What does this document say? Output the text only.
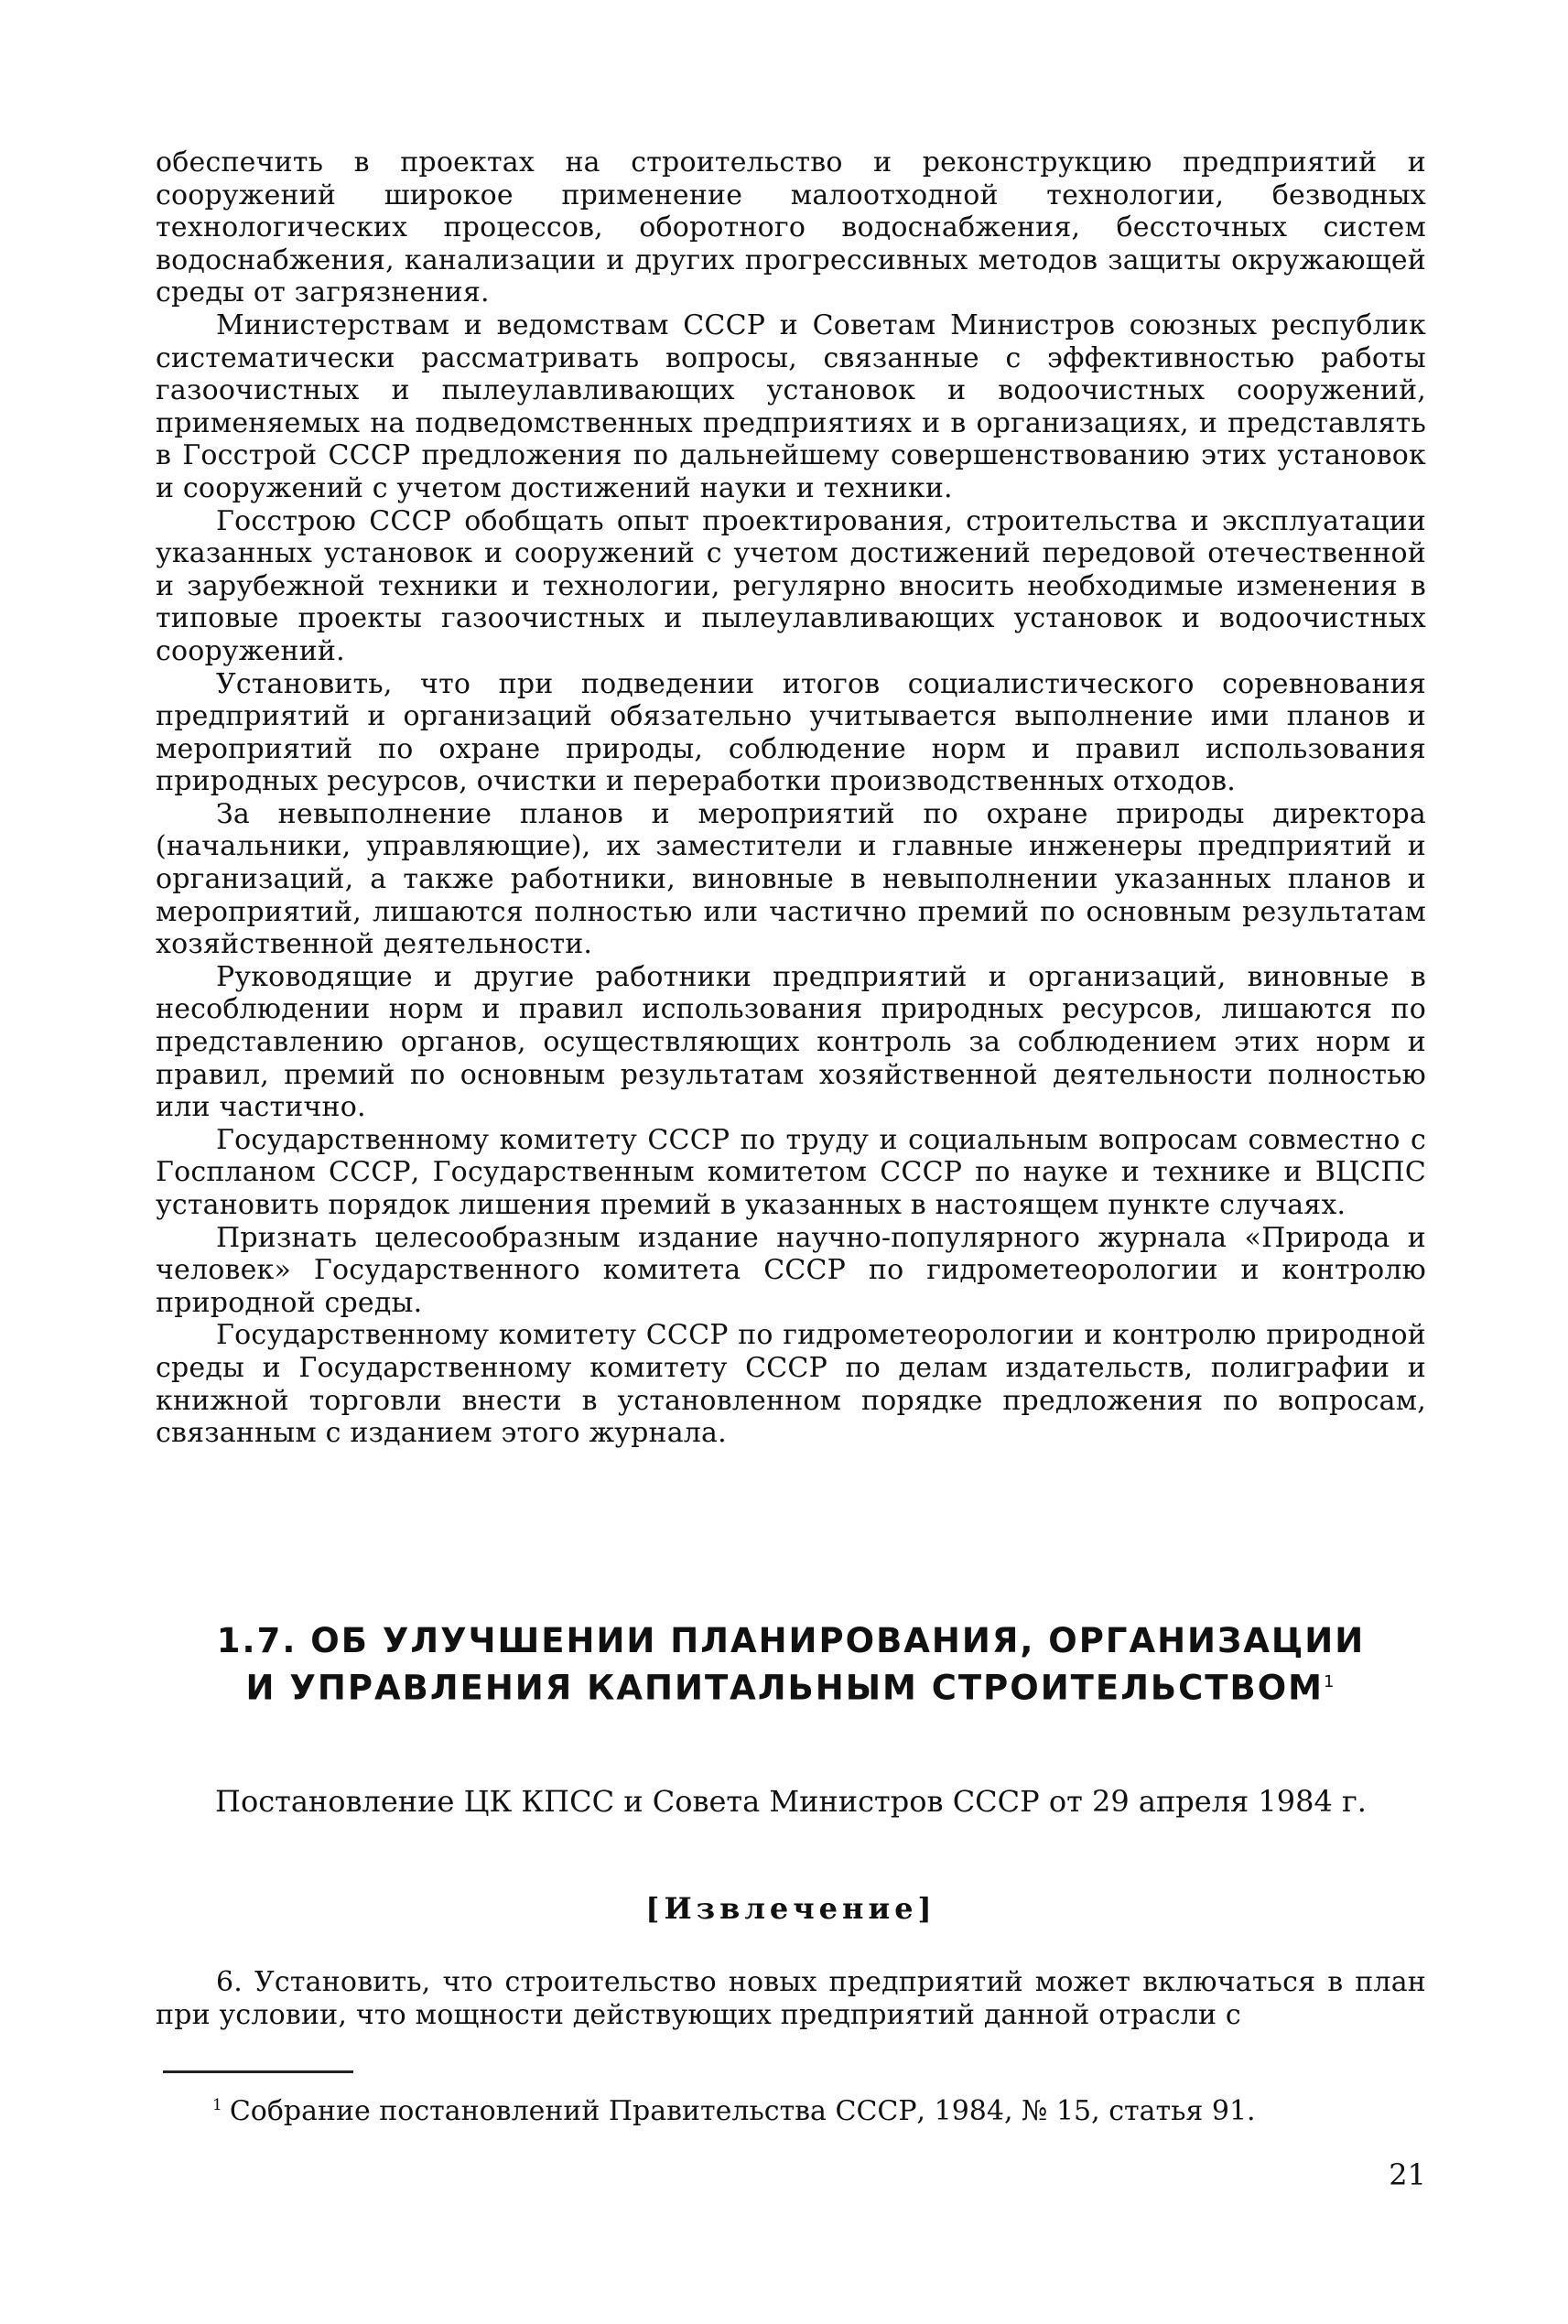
обеспечить в проектах на строительство и реконструкцию предприятий и сооружений широкое применение малоотходной технологии, безводных технологических процессов, оборотного водоснабжения, бессточных систем водоснабжения, канализации и других прогрессивных методов защиты окружающей среды от загрязнения.

Министерствам и ведомствам СССР и Советам Министров союзных республик систематически рассматривать вопросы, связанные с эффективностью работы газоочистных и пылеулавливающих установок и водоочистных сооружений, применяемых на подведомственных предприятиях и в организациях, и представлять в Госстрой СССР предложения по дальнейшему совершенствованию этих установок и сооружений с учетом достижений науки и техники.

Госстрою СССР обобщать опыт проектирования, строительства и эксплуатации указанных установок и сооружений с учетом достижений передовой отечественной и зарубежной техники и технологии, регулярно вносить необходимые изменения в типовые проекты газоочистных и пылеулавливающих установок и водоочистных сооружений.

Установить, что при подведении итогов социалистического соревнования предприятий и организаций обязательно учитывается выполнение ими планов и мероприятий по охране природы, соблюдение норм и правил использования природных ресурсов, очистки и переработки производственных отходов.

За невыполнение планов и мероприятий по охране природы директора (начальники, управляющие), их заместители и главные инженеры предприятий и организаций, а также работники, виновные в невыполнении указанных планов и мероприятий, лишаются полностью или частично премий по основным результатам хозяйственной деятельности.

Руководящие и другие работники предприятий и организаций, виновные в несоблюдении норм и правил использования природных ресурсов, лишаются по представлению органов, осуществляющих контроль за соблюдением этих норм и правил, премий по основным результатам хозяйственной деятельности полностью или частично.

Государственному комитету СССР по труду и социальным вопросам совместно с Госпланом СССР, Государственным комитетом СССР по науке и технике и ВЦСПС установить порядок лишения премий в указанных в настоящем пункте случаях.

Признать целесообразным издание научно-популярного журнала «Природа и человек» Государственного комитета СССР по гидрометеорологии и контролю природной среды.

Государственному комитету СССР по гидрометеорологии и контролю природной среды и Государственному комитету СССР по делам издательств, полиграфии и книжной торговли внести в установленном порядке предложения по вопросам, связанным с изданием этого журнала.

1.7. ОБ УЛУЧШЕНИИ ПЛАНИРОВАНИЯ, ОРГАНИЗАЦИИ
И УПРАВЛЕНИЯ КАПИТАЛЬНЫМ СТРОИТЕЛЬСТВОМ$^1$
Постановление ЦК КПСС и Совета Министров СССР от 29 апреля 1984 г.
[Извлечение]

6. Установить, что строительство новых предприятий может включаться в план при условии, что мощности действующих предприятий данной отрасли с

$^1$ Собрание постановлений Правительства СССР, 1984, № 15, статья 91.
21
